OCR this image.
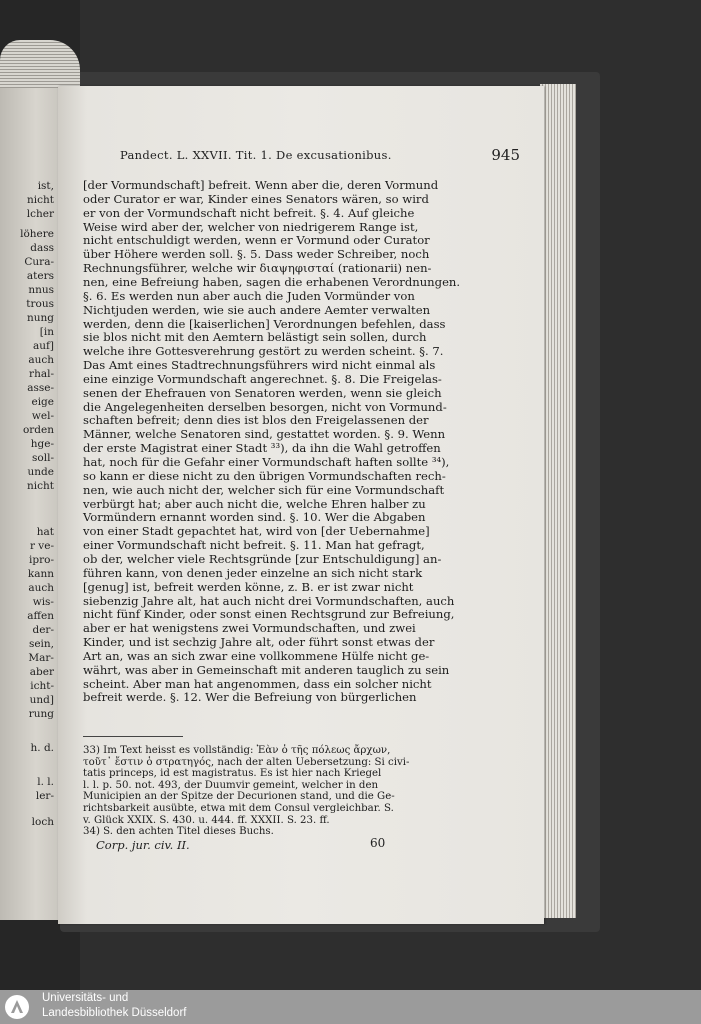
ist,
nicht
lcher
löhere
dass
Cura-
aters
nnus
trous
nung
[in
auf]
auch
rhal-
asse-
eige
wel-
orden
hge-
soll-
unde
nicht
hat
r ve-
ipro-
kann
auch
wis-
affen
der-
sein,
Mar-
aber
icht-
und]
rung
h. d.
l. l.
ler-
loch
Pandect. L. XXVII. Tit. 1. De excusationibus.	945
[der Vormundschaft] befreit. Wenn aber die, deren Vormund
oder Curator er war, Kinder eines Senators wären, so wird
er von der Vormundschaft nicht befreit. §. 4. Auf gleiche
Weise wird aber der, welcher von niedrigerem Range ist,
nicht entschuldigt werden, wenn er Vormund oder Curator
über Höhere werden soll. §. 5. Dass weder Schreiber, noch
Rechnungsführer, welche wir διαψηφισταί (rationarii) nen-
nen, eine Befreiung haben, sagen die erhabenen Verordnungen.
§. 6. Es werden nun aber auch die Juden Vormünder von
Nichtjuden werden, wie sie auch andere Aemter verwalten
werden, denn die [kaiserlichen] Verordnungen befehlen, dass
sie blos nicht mit den Aemtern belästigt sein sollen, durch
welche ihre Gottesverehrung gestört zu werden scheint. §. 7.
Das Amt eines Stadtrechnungsführers wird nicht einmal als
eine einzige Vormundschaft angerechnet. §. 8. Die Freigelas-
senen der Ehefrauen von Senatoren werden, wenn sie gleich
die Angelegenheiten derselben besorgen, nicht von Vormund-
schaften befreit; denn dies ist blos den Freigelassenen der
Männer, welche Senatoren sind, gestattet worden. §. 9. Wenn
der erste Magistrat einer Stadt ³³), da ihn die Wahl getroffen
hat, noch für die Gefahr einer Vormundschaft haften sollte ³⁴),
so kann er diese nicht zu den übrigen Vormundschaften rech-
nen, wie auch nicht der, welcher sich für eine Vormundschaft
verbürgt hat; aber auch nicht die, welche Ehren halber zu
Vormündern ernannt worden sind. §. 10. Wer die Abgaben
von einer Stadt gepachtet hat, wird von [der Uebernahme]
einer Vormundschaft nicht befreit. §. 11. Man hat gefragt,
ob der, welcher viele Rechtsgründe [zur Entschuldigung] an-
führen kann, von denen jeder einzelne an sich nicht stark
[genug] ist, befreit werden könne, z. B. er ist zwar nicht
siebenzig Jahre alt, hat auch nicht drei Vormundschaften, auch
nicht fünf Kinder, oder sonst einen Rechtsgrund zur Befreiung,
aber er hat wenigstens zwei Vormundschaften, und zwei
Kinder, und ist sechzig Jahre alt, oder führt sonst etwas der
Art an, was an sich zwar eine vollkommene Hülfe nicht ge-
währt, was aber in Gemeinschaft mit anderen tauglich zu sein
scheint. Aber man hat angenommen, dass ein solcher nicht
befreit werde. §. 12. Wer die Befreiung von bürgerlichen
33) Im Text heisst es vollständig: Ἐὰν ὁ τῆς πόλεως ἄρχων,
τοῦτ᾽ ἔστιν ὁ στρατηγός, nach der alten Uebersetzung: Si civi-
tatis princeps, id est magistratus. Es ist hier nach Kriegel
l. l. p. 50. not. 493, der Duumvir gemeint, welcher in den
Municipien an der Spitze der Decurionen stand, und die Ge-
richtsbarkeit ausübte, etwa mit dem Consul vergleichbar. S.
v. Glück XXIX. S. 430. u. 444. ff. XXXII. S. 23. ff.
34) S. den achten Titel dieses Buchs.
Corp. jur. civ. II.	60
Universitäts- und
Landesbibliothek Düsseldorf
